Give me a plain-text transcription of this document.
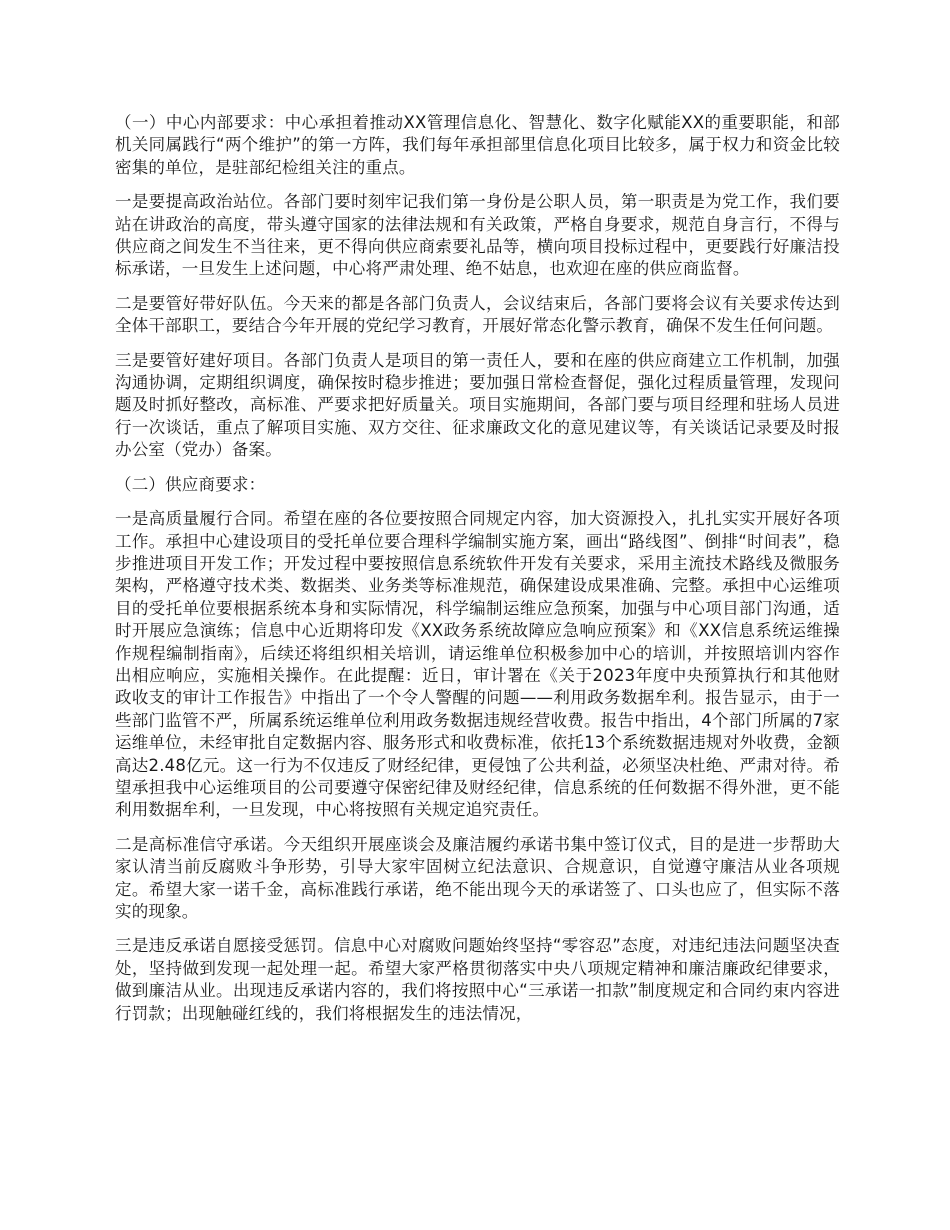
（一）中心内部要求：中心承担着推动XX管理信息化、智慧化、数字化赋能XX的重要职能，和部机关同属践行“两个维护”的第一方阵，我们每年承担部里信息化项目比较多，属于权力和资金比较密集的单位，是驻部纪检组关注的重点。

一是要提高政治站位。各部门要时刻牢记我们第一身份是公职人员，第一职责是为党工作，我们要站在讲政治的高度，带头遵守国家的法律法规和有关政策，严格自身要求，规范自身言行，不得与供应商之间发生不当往来，更不得向供应商索要礼品等，横向项目投标过程中，更要践行好廉洁投标承诺，一旦发生上述问题，中心将严肃处理、绝不姑息，也欢迎在座的供应商监督。

二是要管好带好队伍。今天来的都是各部门负责人，会议结束后，各部门要将会议有关要求传达到全体干部职工，要结合今年开展的党纪学习教育，开展好常态化警示教育，确保不发生任何问题。

三是要管好建好项目。各部门负责人是项目的第一责任人，要和在座的供应商建立工作机制，加强沟通协调，定期组织调度，确保按时稳步推进；要加强日常检查督促，强化过程质量管理，发现问题及时抓好整改，高标准、严要求把好质量关。项目实施期间，各部门要与项目经理和驻场人员进行一次谈话，重点了解项目实施、双方交往、征求廉政文化的意见建议等，有关谈话记录要及时报办公室（党办）备案。

（二）供应商要求：

一是高质量履行合同。希望在座的各位要按照合同规定内容，加大资源投入，扎扎实实开展好各项工作。承担中心建设项目的受托单位要合理科学编制实施方案，画出“路线图”、倒排“时间表”，稳步推进项目开发工作；开发过程中要按照信息系统软件开发有关要求，采用主流技术路线及微服务架构，严格遵守技术类、数据类、业务类等标准规范，确保建设成果准确、完整。承担中心运维项目的受托单位要根据系统本身和实际情况，科学编制运维应急预案，加强与中心项目部门沟通，适时开展应急演练；信息中心近期将印发《XX政务系统故障应急响应预案》和《XX信息系统运维操作规程编制指南》，后续还将组织相关培训，请运维单位积极参加中心的培训，并按照培训内容作出相应响应，实施相关操作。在此提醒：近日，审计署在《关于2023年度中央预算执行和其他财政收支的审计工作报告》中指出了一个令人警醒的问题——利用政务数据牟利。报告显示，由于一些部门监管不严，所属系统运维单位利用政务数据违规经营收费。报告中指出，4个部门所属的7家运维单位，未经审批自定数据内容、服务形式和收费标准，依托13个系统数据违规对外收费，金额高达2.48亿元。这一行为不仅违反了财经纪律，更侵蚀了公共利益，必须坚决杜绝、严肃对待。希望承担我中心运维项目的公司要遵守保密纪律及财经纪律，信息系统的任何数据不得外泄，更不能利用数据牟利，一旦发现，中心将按照有关规定追究责任。

二是高标准信守承诺。今天组织开展座谈会及廉洁履约承诺书集中签订仪式，目的是进一步帮助大家认清当前反腐败斗争形势，引导大家牢固树立纪法意识、合规意识，自觉遵守廉洁从业各项规定。希望大家一诺千金，高标准践行承诺，绝不能出现今天的承诺签了、口头也应了，但实际不落实的现象。

三是违反承诺自愿接受惩罚。信息中心对腐败问题始终坚持“零容忍”态度，对违纪违法问题坚决查处，坚持做到发现一起处理一起。希望大家严格贯彻落实中央八项规定精神和廉洁廉政纪律要求，做到廉洁从业。出现违反承诺内容的，我们将按照中心“三承诺一扣款”制度规定和合同约束内容进行罚款；出现触碰红线的，我们将根据发生的违法情况，
